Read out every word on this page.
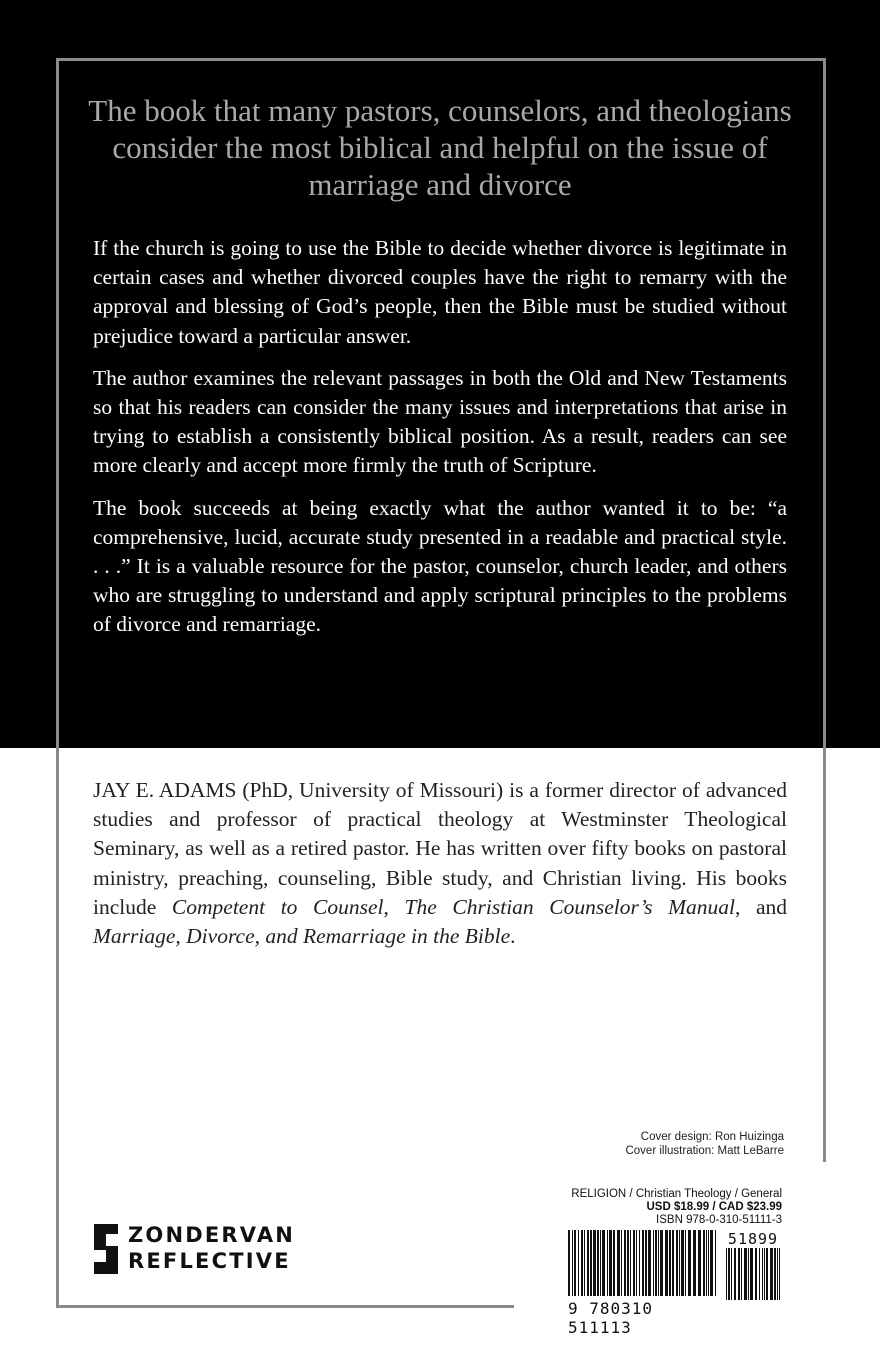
The book that many pastors, counselors, and theologians consider the most biblical and helpful on the issue of marriage and divorce

If the church is going to use the Bible to decide whether divorce is legitimate in certain cases and whether divorced couples have the right to remarry with the approval and blessing of God’s people, then the Bible must be studied without prejudice toward a particular answer.

The author examines the relevant passages in both the Old and New Testaments so that his readers can consider the many issues and interpretations that arise in trying to establish a consistently biblical position. As a result, readers can see more clearly and accept more firmly the truth of Scripture.

The book succeeds at being exactly what the author wanted it to be: “a comprehensive, lucid, accurate study presented in a readable and practical style. . . .” It is a valuable resource for the pastor, counselor, church leader, and others who are struggling to understand and apply scriptural principles to the problems of divorce and remarriage.

JAY E. ADAMS (PhD, University of Missouri) is a former director of advanced studies and professor of practical theology at Westminster Theological Seminary, as well as a retired pastor. He has written over fifty books on pastoral ministry, preaching, counseling, Bible study, and Christian living. His books include Competent to Counsel, The Christian Counselor’s Manual, and Marriage, Divorce, and Remarriage in the Bible.

Cover design: Ron Huizinga
Cover illustration: Matt LeBarre
ZONDERVAN
REFLECTIVE
RELIGION / Christian Theology / General
USD $18.99 / CAD $23.99
ISBN 978-0-310-51111-3
51899
9 780310 511113
